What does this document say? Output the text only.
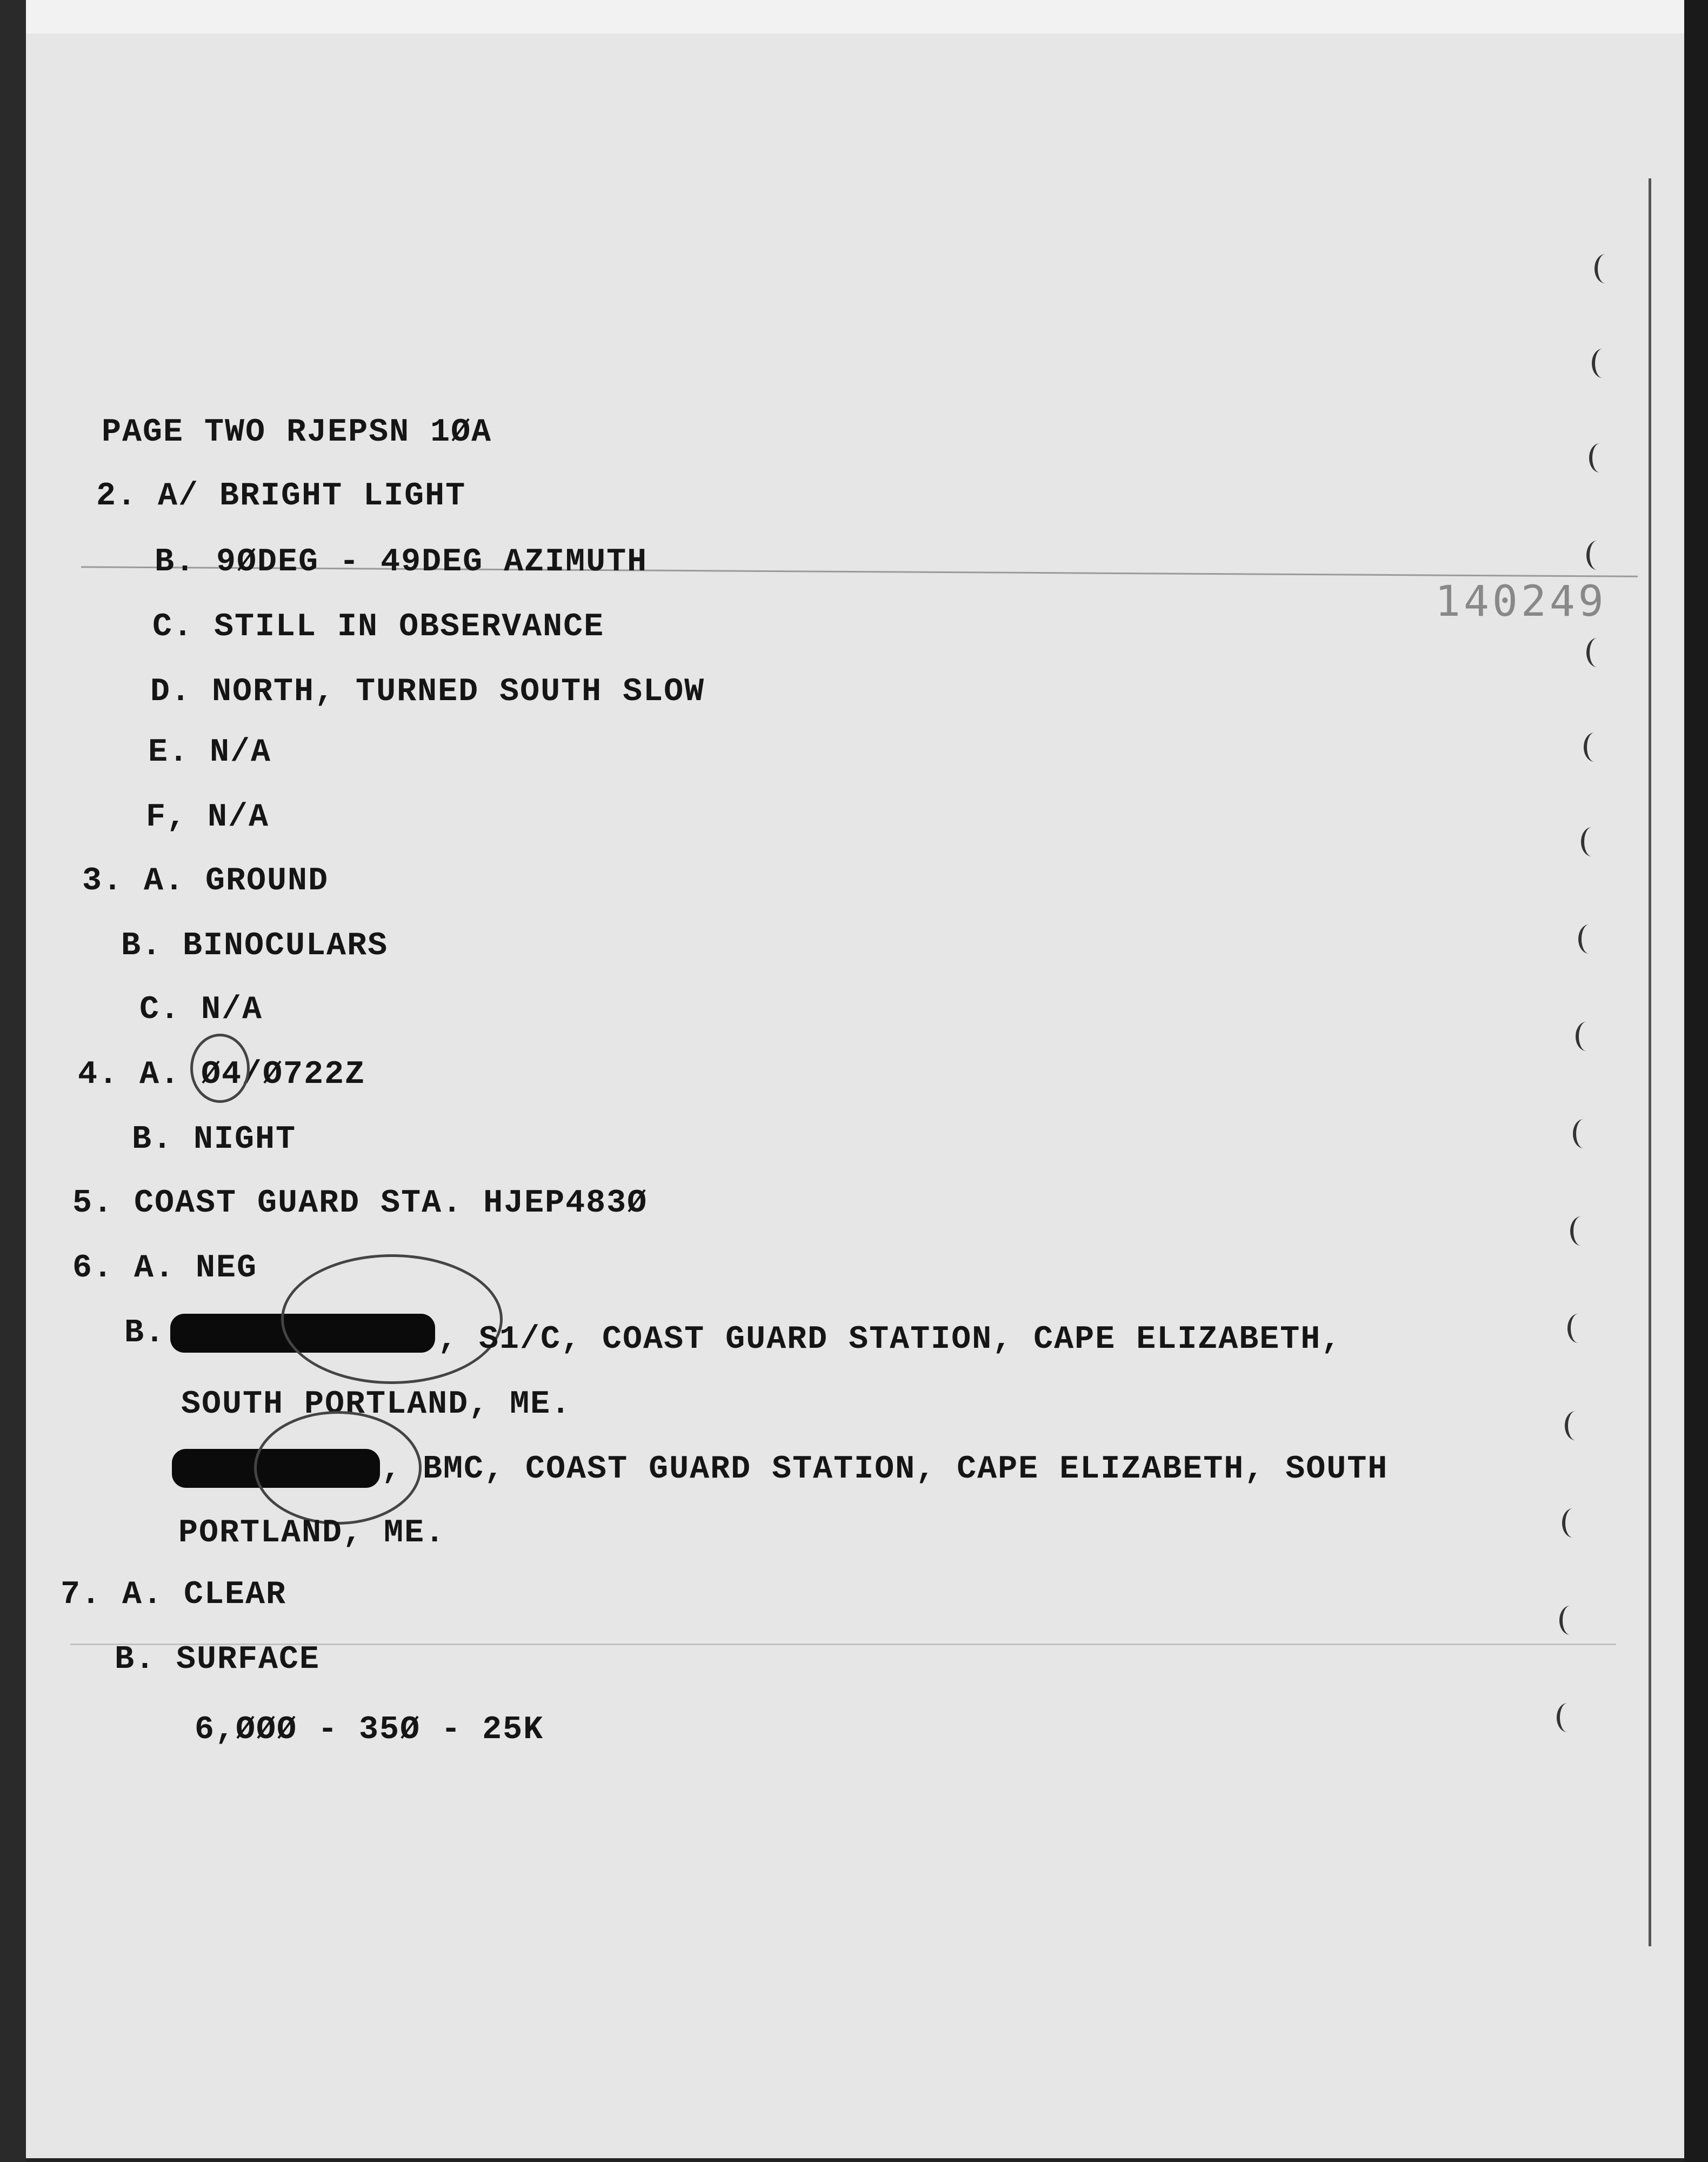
140249
PAGE TWO RJEPSN 1ØA
2. A/ BRIGHT LIGHT
B. 9ØDEG - 49DEG AZIMUTH
C. STILL IN OBSERVANCE
D. NORTH, TURNED SOUTH SLOW
E. N/A
F, N/A
3. A. GROUND
B. BINOCULARS
C. N/A
4. A. Ø4/Ø722Z
B. NIGHT
5. COAST GUARD STA. HJEP483Ø
6. A. NEG
B.	, S1/C, COAST GUARD STATION, CAPE ELIZABETH,
SOUTH PORTLAND, ME.
, BMC, COAST GUARD STATION, CAPE ELIZABETH, SOUTH
PORTLAND, ME.
7. A. CLEAR
B. SURFACE
6,ØØØ - 35Ø - 25K
